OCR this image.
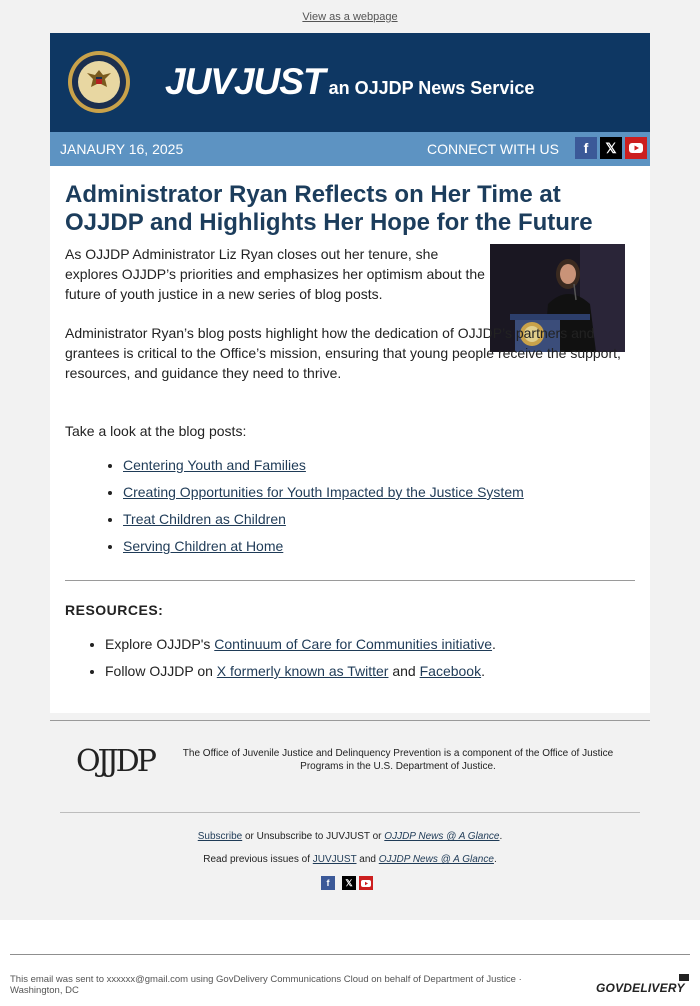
View as a webpage
JUVJUST an OJJDP News Service
JANAURY 16, 2025	CONNECT WITH US	f	𝕏
Administrator Ryan Reflects on Her Time at OJJDP and Highlights Her Hope for the Future

As OJJDP Administrator Liz Ryan closes out her tenure, she explores OJJDP’s priorities and emphasizes her optimism about the future of youth justice in a new series of blog posts.

Administrator Ryan’s blog posts highlight how the dedication of OJJDP’s partners and grantees is critical to the Office’s mission, ensuring that young people receive the support, resources, and guidance they need to thrive.

Take a look at the blog posts:

• Centering Youth and Families
• Creating Opportunities for Youth Impacted by the Justice System
• Treat Children as Children
• Serving Children at Home
RESOURCES:
• Explore OJJDP's Continuum of Care for Communities initiative.
• Follow OJJDP on X formerly known as Twitter and Facebook.
OJJDP	The Office of Juvenile Justice and Delinquency Prevention is a component of the Office of Justice Programs in the U.S. Department of Justice.
Subscribe or Unsubscribe to JUVJUST or OJJDP News @ A Glance.
Read previous issues of JUVJUST and OJJDP News @ A Glance.
f	𝕏
This email was sent to xxxxxx@gmail.com using GovDelivery Communications Cloud on behalf of Department of Justice · Washington, DC	GOVDELIVERY
